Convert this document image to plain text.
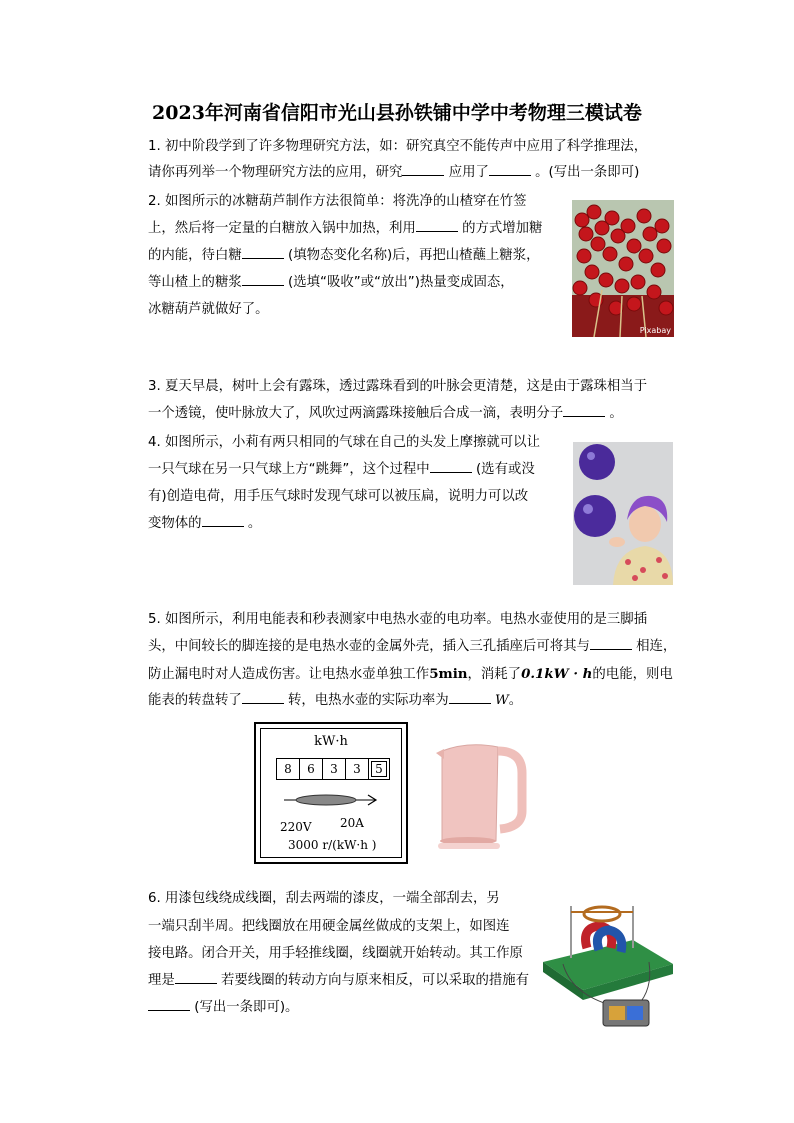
2023年河南省信阳市光山县孙铁铺中学中考物理三模试卷
1. 初中阶段学到了许多物理研究方法，如：研究真空不能传声中应用了科学推理法，
请你再列举一个物理研究方法的应用，研究	应用了	。(写出一条即可)
2. 如图所示的冰糖葫芦制作方法很简单：将洗净的山楂穿在竹签
上，然后将一定量的白糖放入锅中加热，利用	的方式增加糖
的内能，待白糖	(填物态变化名称)后，再把山楂蘸上糖浆，
等山楂上的糖浆	(选填“吸收”或“放出”)热量变成固态，
冰糖葫芦就做好了。
Pixabay
3. 夏天早晨，树叶上会有露珠，透过露珠看到的叶脉会更清楚，这是由于露珠相当于
一个透镜，使叶脉放大了，风吹过两滴露珠接触后合成一滴，表明分子	。
4. 如图所示，小莉有两只相同的气球在自己的头发上摩擦就可以让
一只气球在另一只气球上方“跳舞”，这个过程中	(选有或没
有)创造电荷，用手压气球时发现气球可以被压扁，说明力可以改
变物体的	。
5. 如图所示，利用电能表和秒表测家中电热水壶的电功率。电热水壶使用的是三脚插
头，中间较长的脚连接的是电热水壶的金属外壳，插入三孔插座后可将其与	相连，
防止漏电时对人造成伤害。让电热水壶单独工作5min，消耗了0.1kW · h的电能，则电
能表的转盘转了	转，电热水壶的实际功率为	W。
kW·h
8	6	3	3	5
220V 20A
3000 r/(kW·h )
6. 用漆包线绕成线圈，刮去两端的漆皮，一端全部刮去，另
一端只刮半周。把线圈放在用硬金属丝做成的支架上，如图连
接电路。闭合开关，用手轻推线圈，线圈就开始转动。其工作原
理是	若要线圈的转动方向与原来相反，可以采取的措施有
(写出一条即可)。
